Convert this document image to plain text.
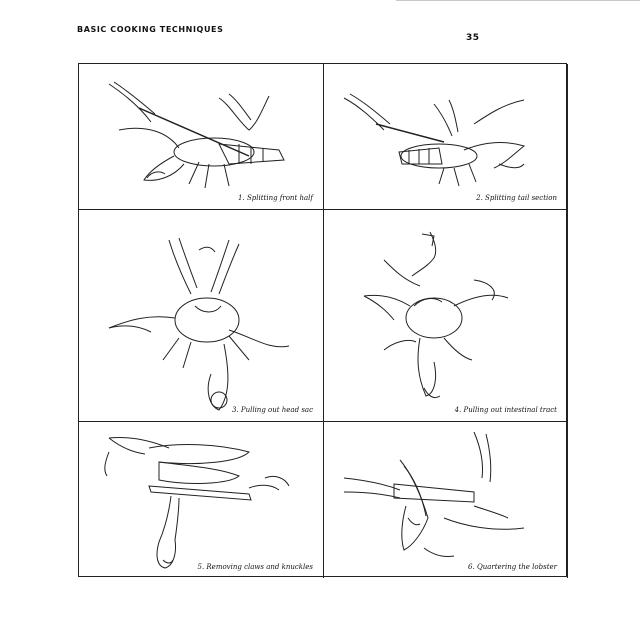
BASIC COOKING TECHNIQUES
35
1. Splitting front half	2. Splitting tail section
3. Pulling out head sac	4. Pulling out intestinal tract
5. Removing claws and knuckles	6. Quartering the lobster
